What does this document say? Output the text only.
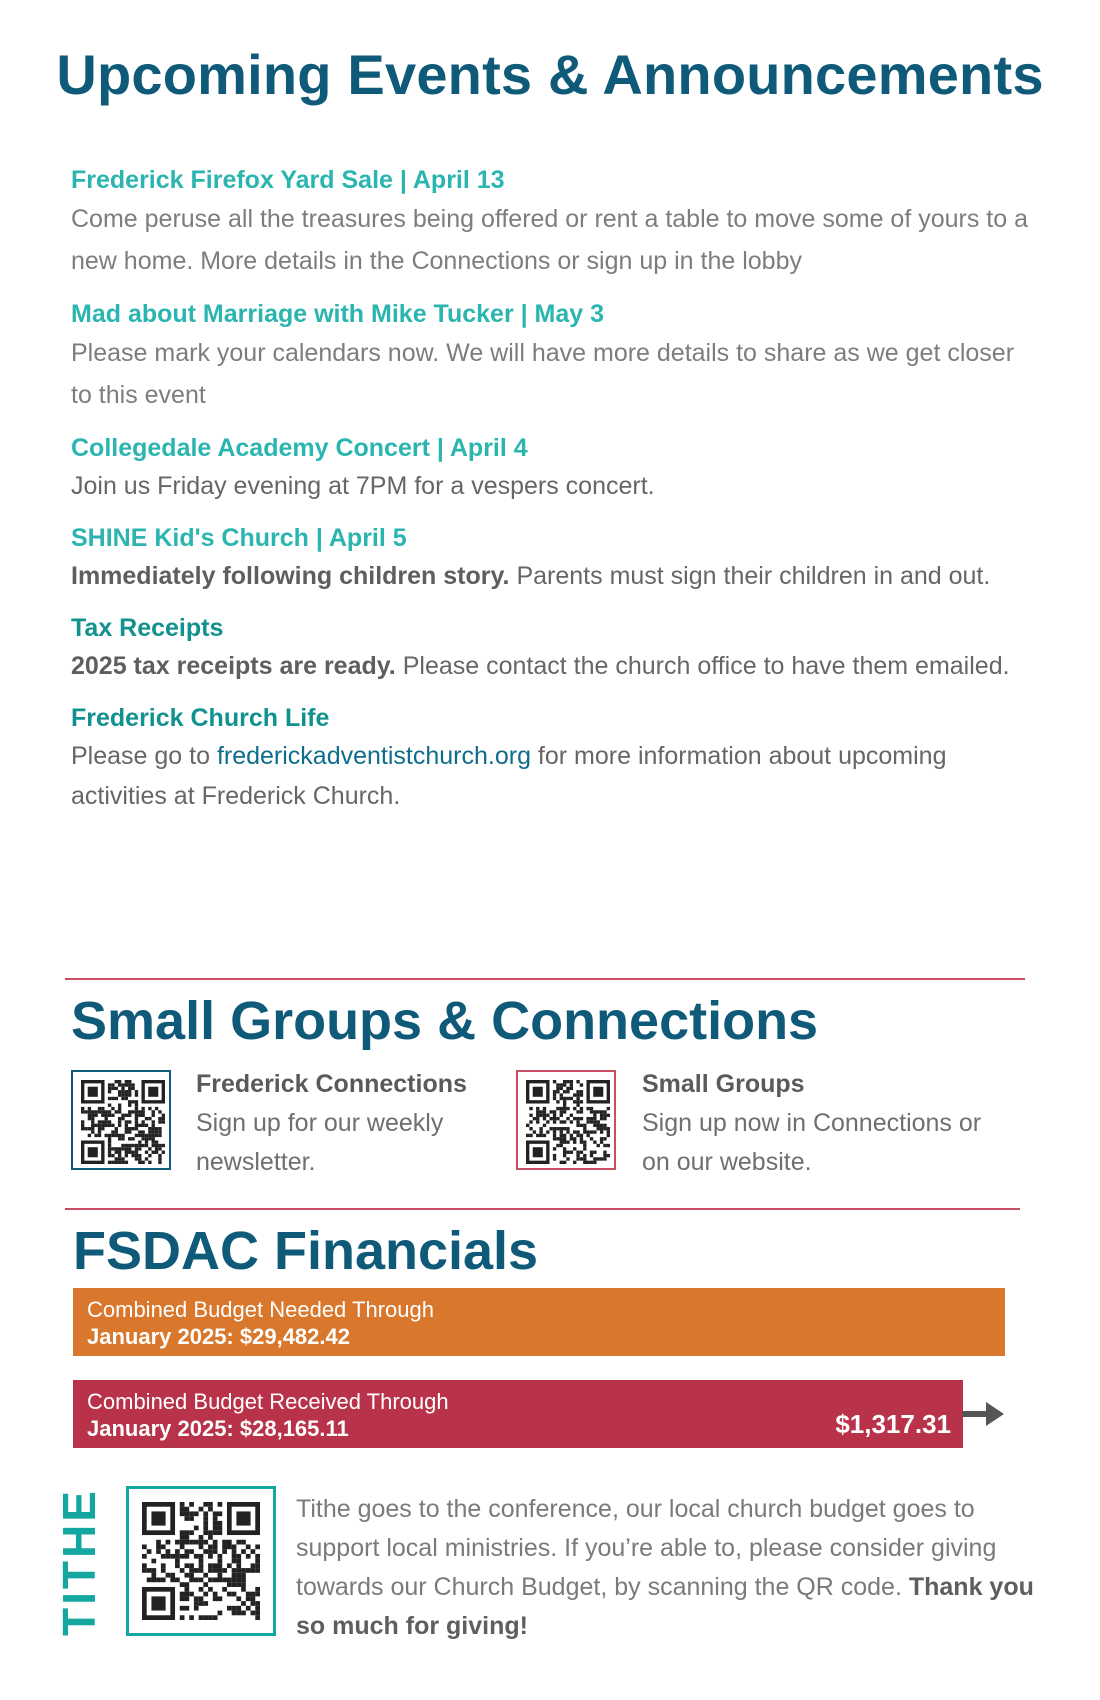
Upcoming Events & Announcements
Frederick Firefox Yard Sale | April 13
Come peruse all the treasures being offered or rent a table to move some of yours to a new home. More details in the Connections or sign up in the lobby
Mad about Marriage with Mike Tucker | May 3
Please mark your calendars now. We will have more details to share as we get closer to this event
Collegedale Academy Concert | April 4
Join us Friday evening at 7PM for a vespers concert.
SHINE Kid's Church | April 5
Immediately following children story. Parents must sign their children in and out.
Tax Receipts
2025 tax receipts are ready. Please contact the church office to have them emailed.
Frederick Church Life
Please go to frederickadventistchurch.org for more information about upcoming activities at Frederick Church.
Small Groups & Connections
Frederick Connections
Sign up for our weekly newsletter.
Small Groups
Sign up now in Connections or on our website.
FSDAC Financials
Combined Budget Needed Through
January 2025: $29,482.42
Combined Budget Received Through
January 2025: $28,165.11	$1,317.31
TITHE	Tithe goes to the conference, our local church budget goes to support local ministries. If you’re able to, please consider giving towards our Church Budget, by scanning the QR code. Thank you so much for giving!
